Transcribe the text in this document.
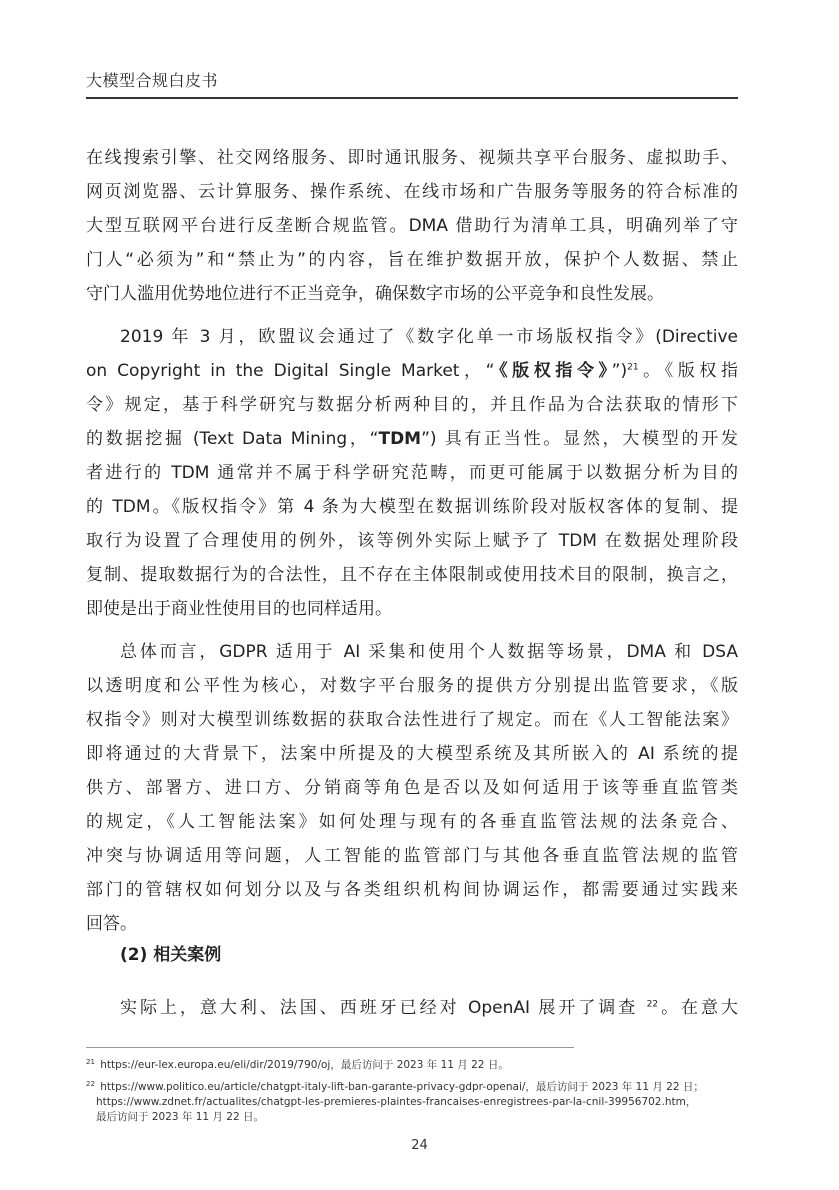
大模型合规白皮书
在线搜索引擎、社交网络服务、即时通讯服务、视频共享平台服务、虚拟助手、
网页浏览器、云计算服务、操作系统、在线市场和广告服务等服务的符合标准的
大型互联网平台进行反垄断合规监管。DMA 借助行为清单工具，明确列举了守
门人“必须为”和“禁止为”的内容，旨在维护数据开放，保护个人数据、禁止
守门人滥用优势地位进行不正当竞争，确保数字市场的公平竞争和良性发展。
2019 年 3 月，欧盟议会通过了《数字化单一市场版权指令》(Directive
on Copyright in the Digital Single Market，“《版权指令》”)$^{21}$。《版权指
令》规定，基于科学研究与数据分析两种目的，并且作品为合法获取的情形下
的数据挖掘 (Text Data Mining，“TDM”) 具有正当性。显然，大模型的开发
者进行的 TDM 通常并不属于科学研究范畴，而更可能属于以数据分析为目的
的 TDM。《版权指令》第 4 条为大模型在数据训练阶段对版权客体的复制、提
取行为设置了合理使用的例外，该等例外实际上赋予了 TDM 在数据处理阶段
复制、提取数据行为的合法性，且不存在主体限制或使用技术目的限制，换言之，
即使是出于商业性使用目的也同样适用。
总体而言，GDPR 适用于 AI 采集和使用个人数据等场景，DMA 和 DSA
以透明度和公平性为核心，对数字平台服务的提供方分别提出监管要求，《版
权指令》则对大模型训练数据的获取合法性进行了规定。而在《人工智能法案》
即将通过的大背景下，法案中所提及的大模型系统及其所嵌入的 AI 系统的提
供方、部署方、进口方、分销商等角色是否以及如何适用于该等垂直监管类
的规定，《人工智能法案》如何处理与现有的各垂直监管法规的法条竞合、
冲突与协调适用等问题，人工智能的监管部门与其他各垂直监管法规的监管
部门的管辖权如何划分以及与各类组织机构间协调运作，都需要通过实践来
回答。
(2) 相关案例
实际上，意大利、法国、西班牙已经对 OpenAI 展开了调查 $^{22}$。在意大
$^{21}$ https://eur-lex.europa.eu/eli/dir/2019/790/oj，最后访问于 2023 年 11 月 22 日。
$^{22}$ https://www.politico.eu/article/chatgpt-italy-lift-ban-garante-privacy-gdpr-openai/，最后访问于 2023 年 11 月 22 日；
https://www.zdnet.fr/actualites/chatgpt-les-premieres-plaintes-francaises-enregistrees-par-la-cnil-39956702.htm，
最后访问于 2023 年 11 月 22 日。
24
